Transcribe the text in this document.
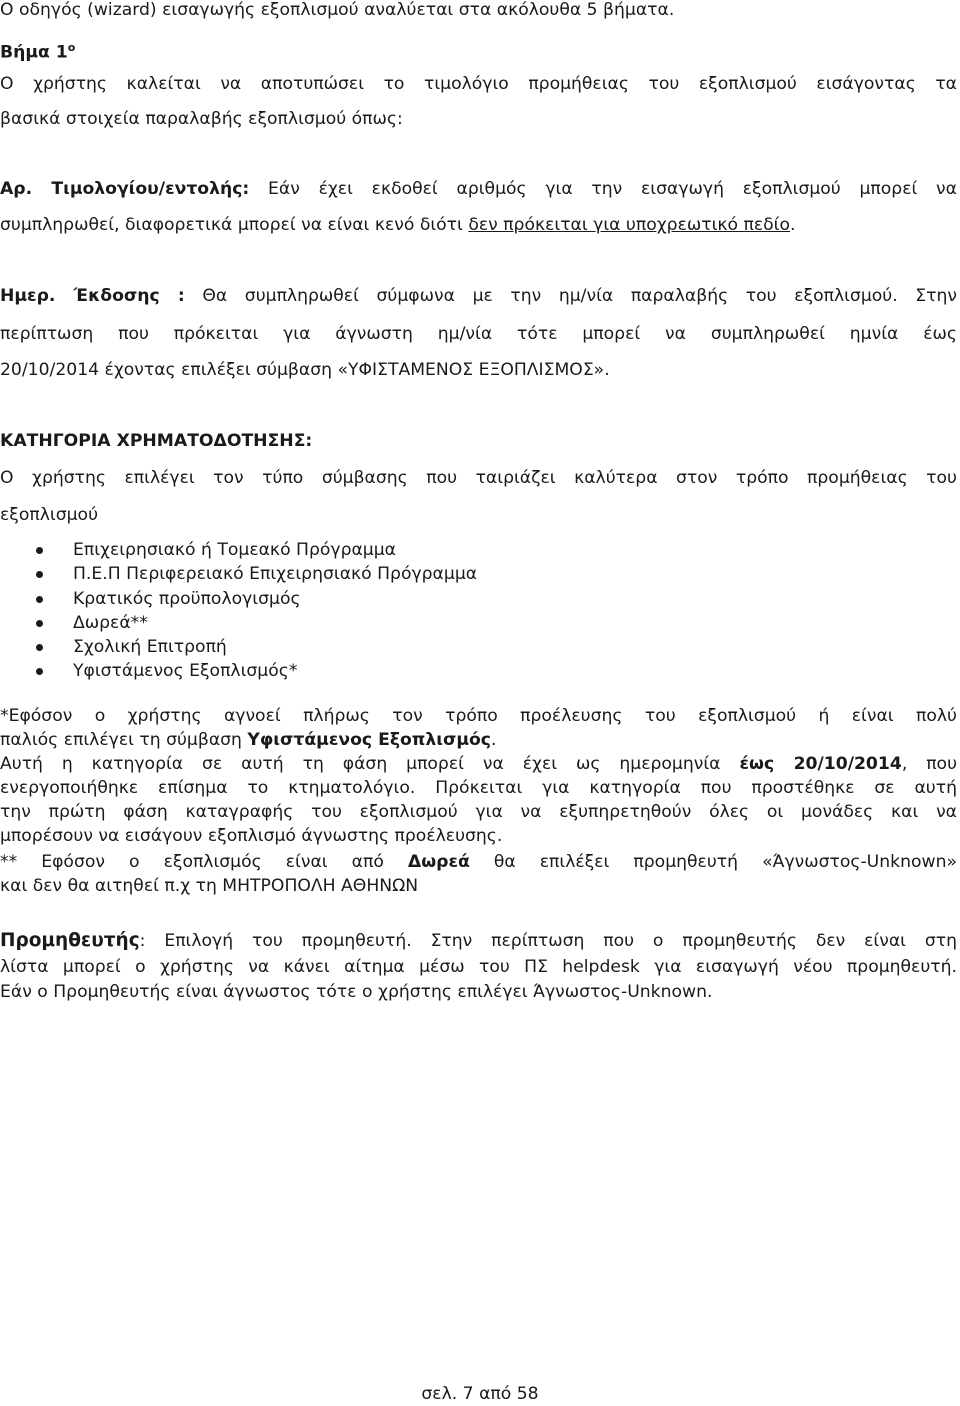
Ο οδηγός (wizard) εισαγωγής εξοπλισμού αναλύεται στα ακόλουθα 5 βήματα.

Βήμα $1^o$

Ο χρήστης καλείται να αποτυπώσει το τιμολόγιο προμήθειας του εξοπλισμού εισάγοντας τα

βασικά στοιχεία παραλαβής εξοπλισμού όπως:

Αρ. Τιμολογίου/εντολής: Εάν έχει εκδοθεί αριθμός για την εισαγωγή εξοπλισμού μπορεί να

συμπληρωθεί, διαφορετικά μπορεί να είναι κενό διότι δεν πρόκειται για υποχρεωτικό πεδίο.

Ημερ. Έκδοσης : Θα συμπληρωθεί σύμφωνα με την ημ/νία παραλαβής του εξοπλισμού. Στην

περίπτωση που πρόκειται για άγνωστη ημ/νία τότε μπορεί να συμπληρωθεί ημνία έως

20/10/2014 έχοντας επιλέξει σύμβαση «ΥΦΙΣΤΑΜΕΝΟΣ ΕΞΟΠΛΙΣΜΟΣ».

ΚΑΤΗΓΟΡΙΑ ΧΡΗΜΑΤΟΔΟΤΗΣΗΣ:

Ο χρήστης επιλέγει τον τύπο σύμβασης που ταιριάζει καλύτερα στον τρόπο προμήθειας του

εξοπλισμού

Επιχειρησιακό ή Τομεακό Πρόγραμμα
Π.Ε.Π Περιφερειακό Επιχειρησιακό Πρόγραμμα
Κρατικός προϋπολογισμός
Δωρεά**
Σχολική Επιτροπή
Υφιστάμενος Εξοπλισμός*

*Εφόσον ο χρήστης αγνοεί πλήρως τον τρόπο προέλευσης του εξοπλισμού ή είναι πολύ

παλιός επιλέγει τη σύμβαση Υφιστάμενος Εξοπλισμός.

Αυτή η κατηγορία σε αυτή τη φάση μπορεί να έχει ως ημερομηνία έως 20/10/2014, που

ενεργοποιήθηκε επίσημα το κτηματολόγιο. Πρόκειται για κατηγορία που προστέθηκε σε αυτή

την πρώτη φάση καταγραφής του εξοπλισμού για να εξυπηρετηθούν όλες οι μονάδες και να

μπορέσουν να εισάγουν εξοπλισμό άγνωστης προέλευσης.

** Εφόσον ο εξοπλισμός είναι από Δωρεά θα επιλέξει προμηθευτή «Άγνωστος-Unknown»

και δεν θα αιτηθεί π.χ τη ΜΗΤΡΟΠΟΛΗ ΑΘΗΝΩΝ

Προμηθευτής: Επιλογή του προμηθευτή. Στην περίπτωση που ο προμηθευτής δεν είναι στη

λίστα μπορεί ο χρήστης να κάνει αίτημα μέσω του ΠΣ helpdesk για εισαγωγή νέου προμηθευτή.

Εάν ο Προμηθευτής είναι άγνωστος τότε ο χρήστης επιλέγει Άγνωστος-Unknown.

σελ. 7 από 58
